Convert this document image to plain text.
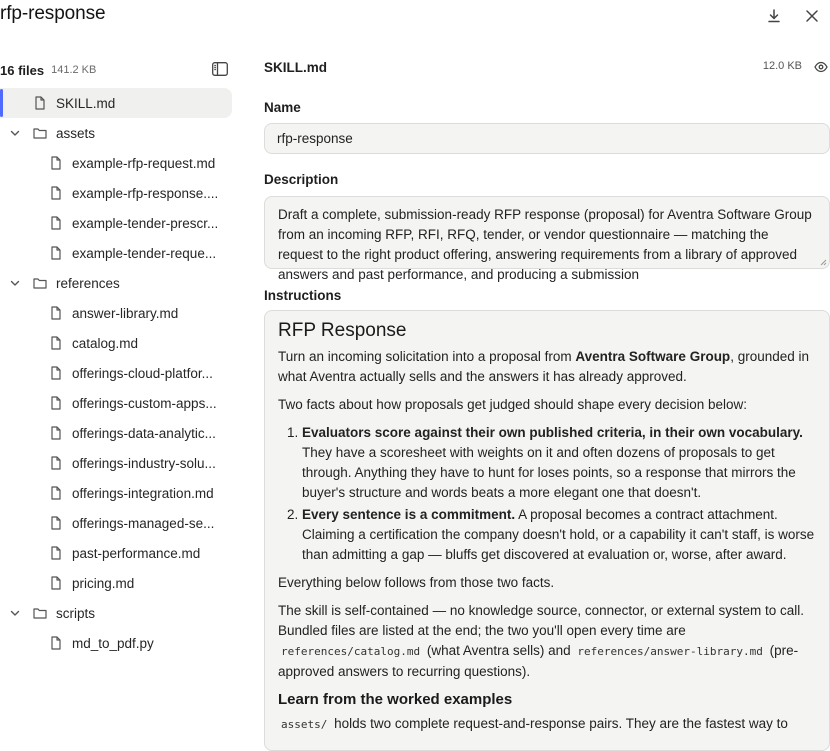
rfp-response
16 files 141.2 KB
SKILL.md
assets
example-rfp-request.md
example-rfp-response....
example-tender-prescr...
example-tender-reque...
references
answer-library.md
catalog.md
offerings-cloud-platfor...
offerings-custom-apps...
offerings-data-analytic...
offerings-industry-solu...
offerings-integration.md
offerings-managed-se...
past-performance.md
pricing.md
scripts
md_to_pdf.py
SKILL.md	12.0 KB
Name
rfp-response
Description
Draft a complete, submission-ready RFP response (proposal) for Aventra Software Group from an incoming RFP, RFI, RFQ, tender, or vendor questionnaire — matching the request to the right product offering, answering requirements from a library of approved answers and past performance, and producing a submission
Instructions
RFP Response

Turn an incoming solicitation into a proposal from Aventra Software Group, grounded in what Aventra actually sells and the answers it has already approved.

Two facts about how proposals get judged should shape every decision below:

1. Evaluators score against their own published criteria, in their own vocabulary. They have a scoresheet with weights on it and often dozens of proposals to get through. Anything they have to hunt for loses points, so a response that mirrors the buyer's structure and words beats a more elegant one that doesn't.
2. Every sentence is a commitment. A proposal becomes a contract attachment. Claiming a certification the company doesn't hold, or a capability it can't staff, is worse than admitting a gap — bluffs get discovered at evaluation or, worse, after award.

Everything below follows from those two facts.

The skill is self-contained — no knowledge source, connector, or external system to call. Bundled files are listed at the end; the two you'll open every time are references/catalog.md (what Aventra sells) and references/answer-library.md (pre-approved answers to recurring questions).

Learn from the worked examples

assets/ holds two complete request-and-response pairs. They are the fastest way to
